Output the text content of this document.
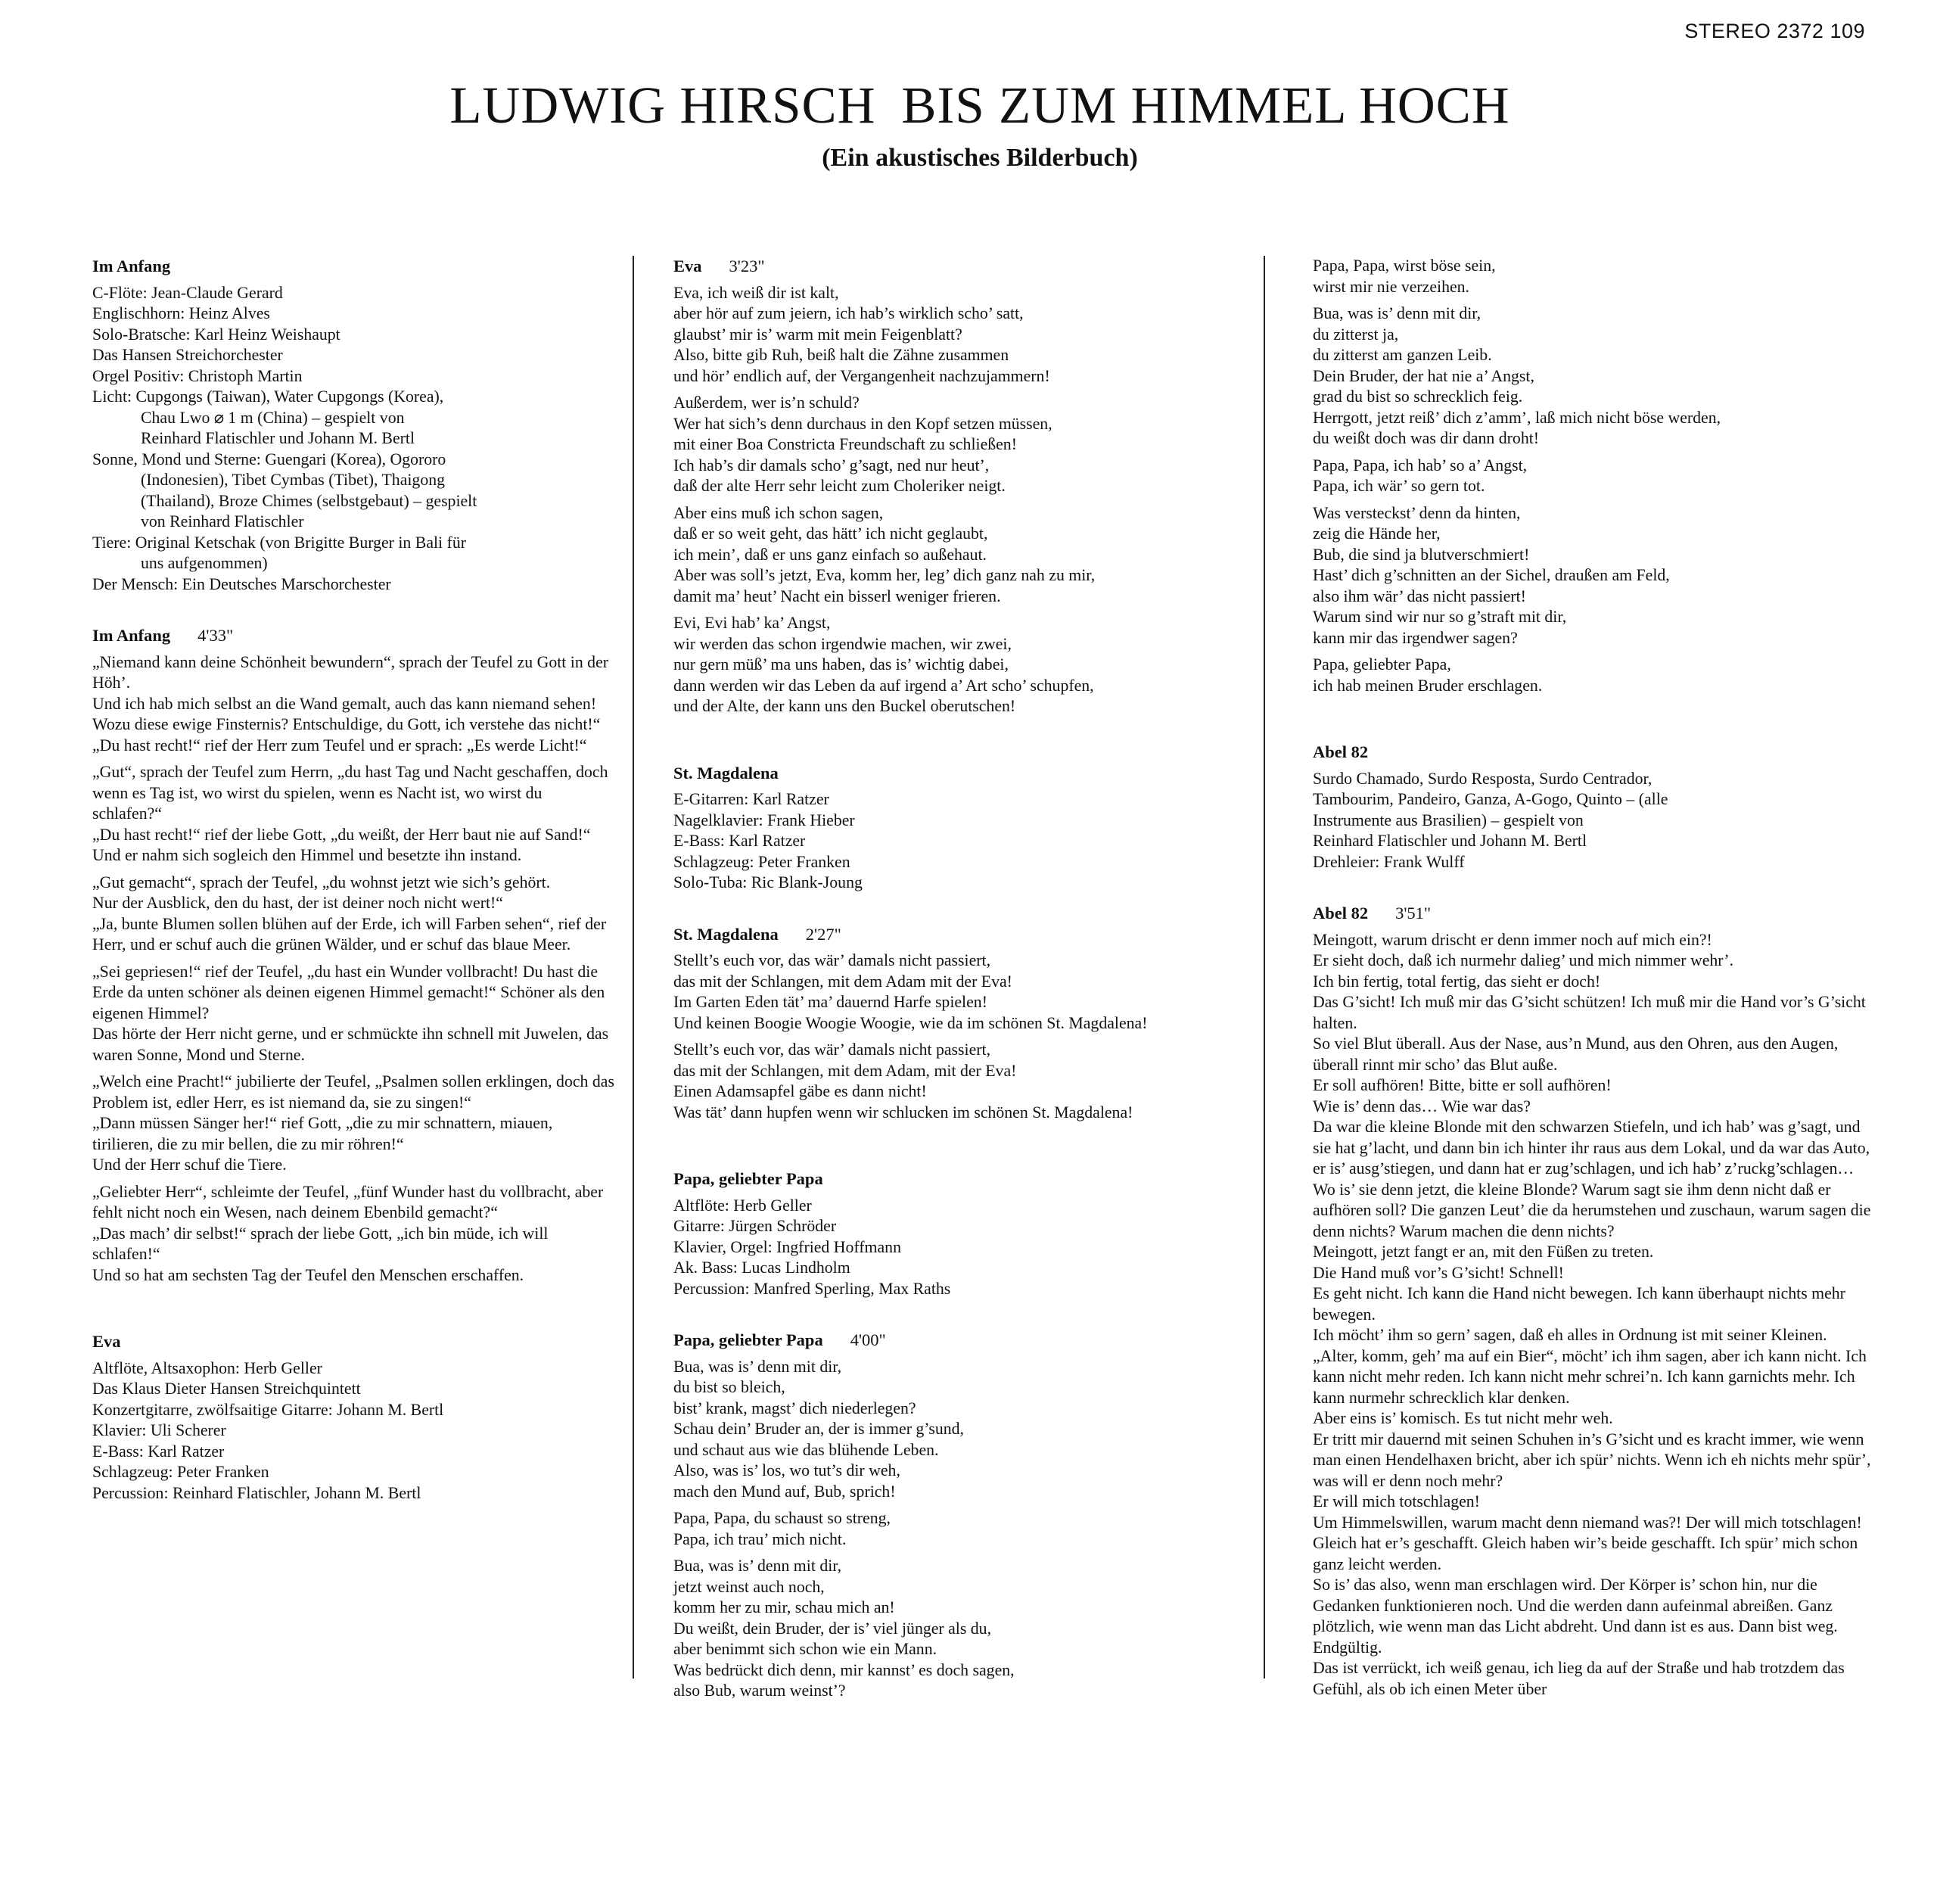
STEREO 2372 109
LUDWIG HIRSCH BIS ZUM HIMMEL HOCH
(Ein akustisches Bilderbuch)
Im Anfang
C-Flöte: Jean-Claude Gerard
Englischhorn: Heinz Alves
Solo-Bratsche: Karl Heinz Weishaupt
Das Hansen Streichorchester
Orgel Positiv: Christoph Martin
Licht: Cupgongs (Taiwan), Water Cupgongs (Korea),
Chau Lwo ⌀ 1 m (China) – gespielt von
Reinhard Flatischler und Johann M. Bertl
Sonne, Mond und Sterne: Guengari (Korea), Ogororo
(Indonesien), Tibet Cymbas (Tibet), Thaigong
(Thailand), Broze Chimes (selbstgebaut) – gespielt
von Reinhard Flatischler
Tiere: Original Ketschak (von Brigitte Burger in Bali für
uns aufgenommen)
Der Mensch: Ein Deutsches Marschorchester
Im Anfang 4'33"
„Niemand kann deine Schönheit bewundern“, sprach der Teufel zu Gott in der Höh’.
Und ich hab mich selbst an die Wand gemalt, auch das kann niemand sehen!
Wozu diese ewige Finsternis? Entschuldige, du Gott, ich verstehe das nicht!“
„Du hast recht!“ rief der Herr zum Teufel und er sprach: „Es werde Licht!“
„Gut“, sprach der Teufel zum Herrn, „du hast Tag und Nacht geschaffen, doch wenn es Tag ist, wo wirst du spielen, wenn es Nacht ist, wo wirst du schlafen?“
„Du hast recht!“ rief der liebe Gott, „du weißt, der Herr baut nie auf Sand!“
Und er nahm sich sogleich den Himmel und besetzte ihn instand.
„Gut gemacht“, sprach der Teufel, „du wohnst jetzt wie sich’s gehört.
Nur der Ausblick, den du hast, der ist deiner noch nicht wert!“
„Ja, bunte Blumen sollen blühen auf der Erde, ich will Farben sehen“, rief der Herr, und er schuf auch die grünen Wälder, und er schuf das blaue Meer.
„Sei gepriesen!“ rief der Teufel, „du hast ein Wunder vollbracht! Du hast die Erde da unten schöner als deinen eigenen Himmel gemacht!“ Schöner als den eigenen Himmel?
Das hörte der Herr nicht gerne, und er schmückte ihn schnell mit Juwelen, das waren Sonne, Mond und Sterne.
„Welch eine Pracht!“ jubilierte der Teufel, „Psalmen sollen erklingen, doch das Problem ist, edler Herr, es ist niemand da, sie zu singen!“
„Dann müssen Sänger her!“ rief Gott, „die zu mir schnattern, miauen, tirilieren, die zu mir bellen, die zu mir röhren!“
Und der Herr schuf die Tiere.
„Geliebter Herr“, schleimte der Teufel, „fünf Wunder hast du vollbracht, aber fehlt nicht noch ein Wesen, nach deinem Ebenbild gemacht?“
„Das mach’ dir selbst!“ sprach der liebe Gott, „ich bin müde, ich will schlafen!“
Und so hat am sechsten Tag der Teufel den Menschen erschaffen.
Eva
Altflöte, Altsaxophon: Herb Geller
Das Klaus Dieter Hansen Streichquintett
Konzertgitarre, zwölfsaitige Gitarre: Johann M. Bertl
Klavier: Uli Scherer
E-Bass: Karl Ratzer
Schlagzeug: Peter Franken
Percussion: Reinhard Flatischler, Johann M. Bertl
Eva 3'23"
Eva, ich weiß dir ist kalt,
aber hör auf zum jeiern, ich hab’s wirklich scho’ satt,
glaubst’ mir is’ warm mit mein Feigenblatt?
Also, bitte gib Ruh, beiß halt die Zähne zusammen
und hör’ endlich auf, der Vergangenheit nachzujammern!
Außerdem, wer is’n schuld?
Wer hat sich’s denn durchaus in den Kopf setzen müssen,
mit einer Boa Constricta Freundschaft zu schließen!
Ich hab’s dir damals scho’ g’sagt, ned nur heut’,
daß der alte Herr sehr leicht zum Choleriker neigt.
Aber eins muß ich schon sagen,
daß er so weit geht, das hätt’ ich nicht geglaubt,
ich mein’, daß er uns ganz einfach so außehaut.
Aber was soll’s jetzt, Eva, komm her, leg’ dich ganz nah zu mir,
damit ma’ heut’ Nacht ein bisserl weniger frieren.
Evi, Evi hab’ ka’ Angst,
wir werden das schon irgendwie machen, wir zwei,
nur gern müß’ ma uns haben, das is’ wichtig dabei,
dann werden wir das Leben da auf irgend a’ Art scho’ schupfen,
und der Alte, der kann uns den Buckel oberutschen!
St. Magdalena
E-Gitarren: Karl Ratzer
Nagelklavier: Frank Hieber
E-Bass: Karl Ratzer
Schlagzeug: Peter Franken
Solo-Tuba: Ric Blank-Joung
St. Magdalena 2'27"
Stellt’s euch vor, das wär’ damals nicht passiert,
das mit der Schlangen, mit dem Adam mit der Eva!
Im Garten Eden tät’ ma’ dauernd Harfe spielen!
Und keinen Boogie Woogie Woogie, wie da im schönen St. Magdalena!
Stellt’s euch vor, das wär’ damals nicht passiert,
das mit der Schlangen, mit dem Adam, mit der Eva!
Einen Adamsapfel gäbe es dann nicht!
Was tät’ dann hupfen wenn wir schlucken im schönen St. Magdalena!
Papa, geliebter Papa
Altflöte: Herb Geller
Gitarre: Jürgen Schröder
Klavier, Orgel: Ingfried Hoffmann
Ak. Bass: Lucas Lindholm
Percussion: Manfred Sperling, Max Raths
Papa, geliebter Papa 4'00"
Bua, was is’ denn mit dir,
du bist so bleich,
bist’ krank, magst’ dich niederlegen?
Schau dein’ Bruder an, der is immer g’sund,
und schaut aus wie das blühende Leben.
Also, was is’ los, wo tut’s dir weh,
mach den Mund auf, Bub, sprich!
Papa, Papa, du schaust so streng,
Papa, ich trau’ mich nicht.
Bua, was is’ denn mit dir,
jetzt weinst auch noch,
komm her zu mir, schau mich an!
Du weißt, dein Bruder, der is’ viel jünger als du,
aber benimmt sich schon wie ein Mann.
Was bedrückt dich denn, mir kannst’ es doch sagen,
also Bub, warum weinst’?
Papa, Papa, wirst böse sein,
wirst mir nie verzeihen.
Bua, was is’ denn mit dir,
du zitterst ja,
du zitterst am ganzen Leib.
Dein Bruder, der hat nie a’ Angst,
grad du bist so schrecklich feig.
Herrgott, jetzt reiß’ dich z’amm’, laß mich nicht böse werden,
du weißt doch was dir dann droht!
Papa, Papa, ich hab’ so a’ Angst,
Papa, ich wär’ so gern tot.
Was versteckst’ denn da hinten,
zeig die Hände her,
Bub, die sind ja blutverschmiert!
Hast’ dich g’schnitten an der Sichel, draußen am Feld,
also ihm wär’ das nicht passiert!
Warum sind wir nur so g’straft mit dir,
kann mir das irgendwer sagen?
Papa, geliebter Papa,
ich hab meinen Bruder erschlagen.
Abel 82
Surdo Chamado, Surdo Resposta, Surdo Centrador,
Tambourim, Pandeiro, Ganza, A-Gogo, Quinto – (alle
Instrumente aus Brasilien) – gespielt von
Reinhard Flatischler und Johann M. Bertl
Drehleier: Frank Wulff
Abel 82 3'51"
Meingott, warum drischt er denn immer noch auf mich ein?!
Er sieht doch, daß ich nurmehr dalieg’ und mich nimmer wehr’.
Ich bin fertig, total fertig, das sieht er doch!
Das G’sicht! Ich muß mir das G’sicht schützen! Ich muß mir die Hand vor’s G’sicht halten.
So viel Blut überall. Aus der Nase, aus’n Mund, aus den Ohren, aus den Augen, überall rinnt mir scho’ das Blut auße.
Er soll aufhören! Bitte, bitte er soll aufhören!
Wie is’ denn das… Wie war das?
Da war die kleine Blonde mit den schwarzen Stiefeln, und ich hab’ was g’sagt, und sie hat g’lacht, und dann bin ich hinter ihr raus aus dem Lokal, und da war das Auto, er is’ ausg’stiegen, und dann hat er zug’schlagen, und ich hab’ z’ruckg’schlagen…
Wo is’ sie denn jetzt, die kleine Blonde? Warum sagt sie ihm denn nicht daß er aufhören soll? Die ganzen Leut’ die da herumstehen und zuschaun, warum sagen die denn nichts? Warum machen die denn nichts?
Meingott, jetzt fangt er an, mit den Füßen zu treten.
Die Hand muß vor’s G’sicht! Schnell!
Es geht nicht. Ich kann die Hand nicht bewegen. Ich kann überhaupt nichts mehr bewegen.
Ich möcht’ ihm so gern’ sagen, daß eh alles in Ordnung ist mit seiner Kleinen. „Alter, komm, geh’ ma auf ein Bier“, möcht’ ich ihm sagen, aber ich kann nicht. Ich kann nicht mehr reden. Ich kann nicht mehr schrei’n. Ich kann garnichts mehr. Ich kann nurmehr schrecklich klar denken.
Aber eins is’ komisch. Es tut nicht mehr weh.
Er tritt mir dauernd mit seinen Schuhen in’s G’sicht und es kracht immer, wie wenn man einen Hendelhaxen bricht, aber ich spür’ nichts. Wenn ich eh nichts mehr spür’, was will er denn noch mehr?
Er will mich totschlagen!
Um Himmelswillen, warum macht denn niemand was?! Der will mich totschlagen!
Gleich hat er’s geschafft. Gleich haben wir’s beide geschafft. Ich spür’ mich schon ganz leicht werden.
So is’ das also, wenn man erschlagen wird. Der Körper is’ schon hin, nur die Gedanken funktionieren noch. Und die werden dann aufeinmal abreißen. Ganz plötzlich, wie wenn man das Licht abdreht. Und dann ist es aus. Dann bist weg. Endgültig.
Das ist verrückt, ich weiß genau, ich lieg da auf der Straße und hab trotzdem das Gefühl, als ob ich einen Meter über
